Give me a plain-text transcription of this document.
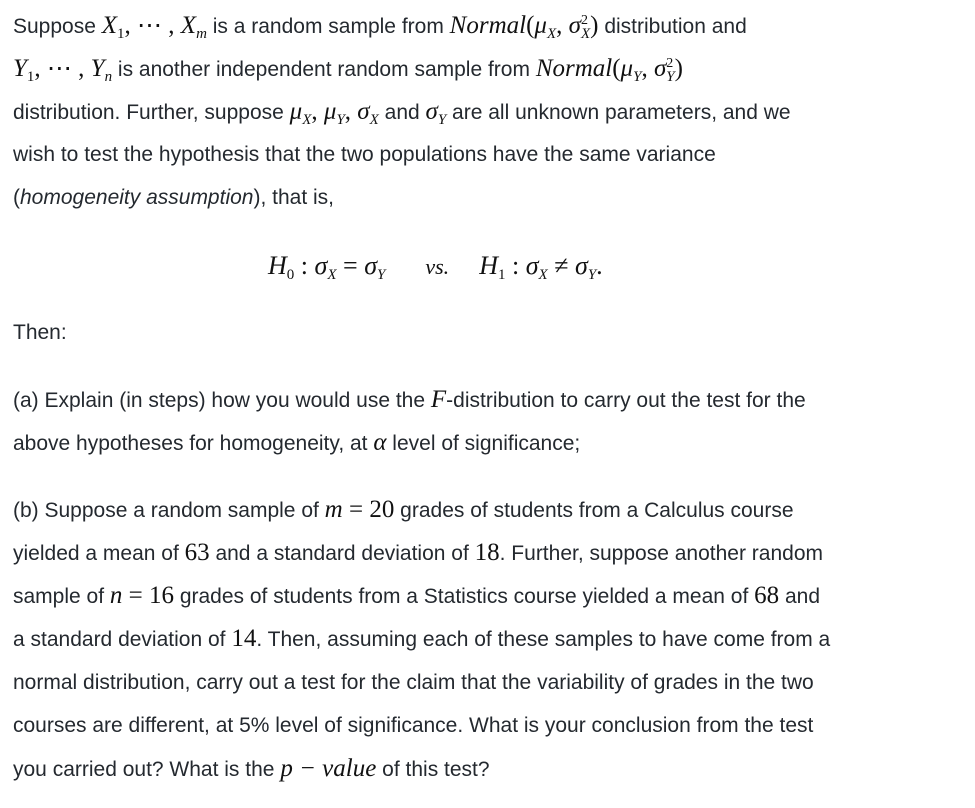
Suppose $X_1$, ⋯ , $X_m$ is a random sample from $Normal(\mu_X$, $\sigma^2_X$) distribution and
$Y_1$, ⋯ , $Y_n$ is another independent random sample from $Normal(\mu_Y$, $\sigma^2_Y$)
distribution. Further, suppose $\mu_X$, $\mu_Y$, $\sigma_X$ and $\sigma_Y$ are all unknown parameters, and we
wish to test the hypothesis that the two populations have the same variance
(homogeneity assumption), that is,
H0 : σX = σY vs. H1 : σX ≠ σY.
Then:
(a) Explain (in steps) how you would use the F-distribution to carry out the test for the
above hypotheses for homogeneity, at α level of significance;
(b) Suppose a random sample of m = 20 grades of students from a Calculus course
yielded a mean of 63 and a standard deviation of 18. Further, suppose another random
sample of n = 16 grades of students from a Statistics course yielded a mean of 68 and
a standard deviation of 14. Then, assuming each of these samples to have come from a
normal distribution, carry out a test for the claim that the variability of grades in the two
courses are different, at 5% level of significance. What is your conclusion from the test
you carried out? What is the p − value of this test?
